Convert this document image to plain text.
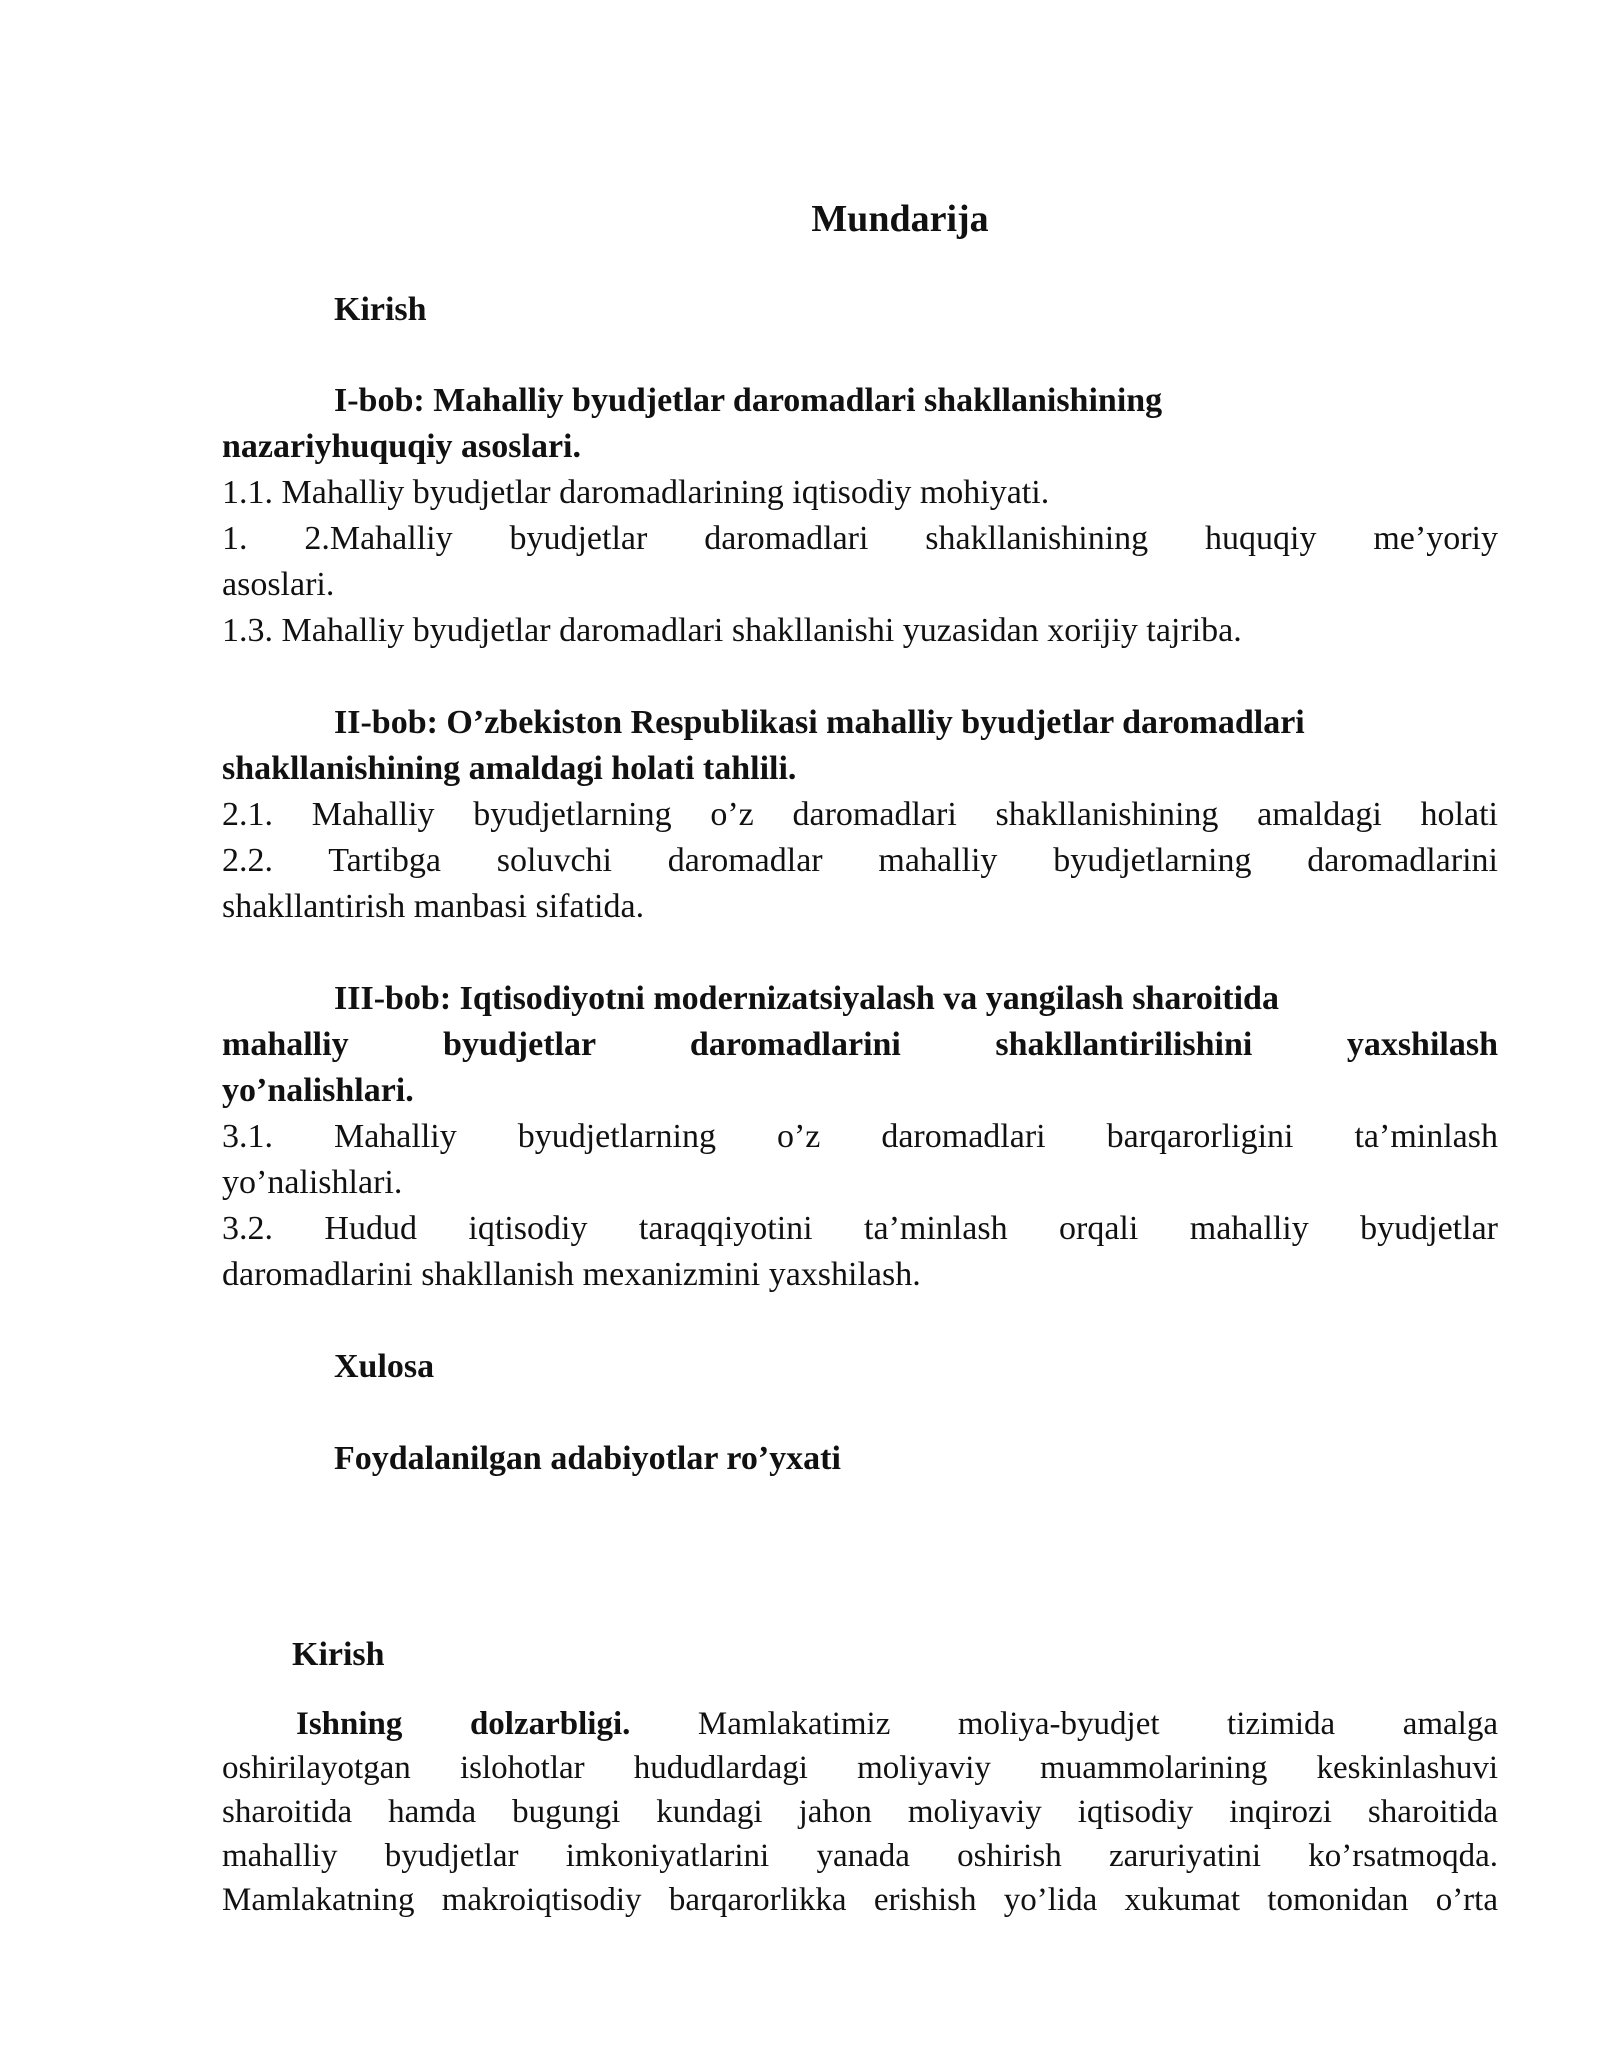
Mundarija
Kirish
I-bob: Mahalliy byudjetlar daromadlari shakllanishining
nazariyhuquqiy asoslari.
1.1. Mahalliy byudjetlar daromadlarining iqtisodiy mohiyati.
1. 2.Mahalliy byudjetlar daromadlari shakllanishining huquqiy me’yoriy
asoslari.
1.3. Mahalliy byudjetlar daromadlari shakllanishi yuzasidan xorijiy tajriba.
II-bob: O’zbekiston Respublikasi mahalliy byudjetlar daromadlari
shakllanishining amaldagi holati tahlili.
2.1. Mahalliy byudjetlarning o’z daromadlari shakllanishining amaldagi holati
2.2. Tartibga soluvchi daromadlar mahalliy byudjetlarning daromadlarini
shakllantirish manbasi sifatida.
III-bob: Iqtisodiyotni modernizatsiyalash va yangilash sharoitida
mahalliy byudjetlar daromadlarini shakllantirilishini yaxshilash
yo’nalishlari.
3.1. Mahalliy byudjetlarning o’z daromadlari barqarorligini ta’minlash
yo’nalishlari.
3.2. Hudud iqtisodiy taraqqiyotini ta’minlash orqali mahalliy byudjetlar
daromadlarini shakllanish mexanizmini yaxshilash.
Xulosa
Foydalanilgan adabiyotlar ro’yxati
Kirish
Ishning dolzarbligi. Mamlakatimiz moliya-byudjet tizimida amalga
oshirilayotgan islohotlar hududlardagi moliyaviy muammolarining keskinlashuvi
sharoitida hamda bugungi kundagi jahon moliyaviy iqtisodiy inqirozi sharoitida
mahalliy byudjetlar imkoniyatlarini yanada oshirish zaruriyatini ko’rsatmoqda.
Mamlakatning makroiqtisodiy barqarorlikka erishish yo’lida xukumat tomonidan o’rta
